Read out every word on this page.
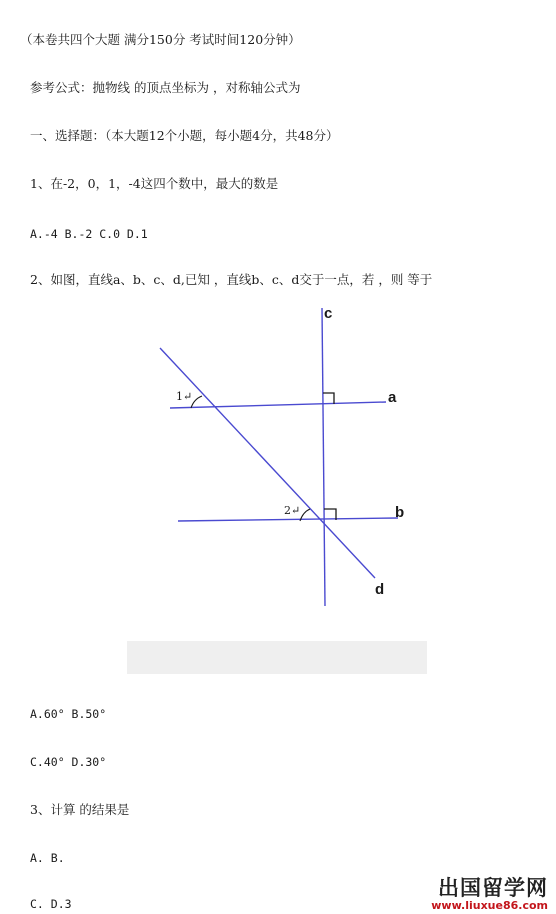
（本卷共四个大题 满分150分 考试时间120分钟）
参考公式：抛物线 的顶点坐标为 ，对称轴公式为
一、选择题：（本大题12个小题，每小题4分，共48分）
1、在-2，0，1，-4这四个数中，最大的数是
A.-4 B.-2 C.0 D.1
2、如图，直线a、b、c、d,已知 ，直线b、c、d交于一点，若 ，则 等于
c
a
b
d
1↵
2↵
A.60° B.50°
C.40° D.30°
3、计算 的结果是
A. B.
C. D.3
出国留学网
www.liuxue86.com
